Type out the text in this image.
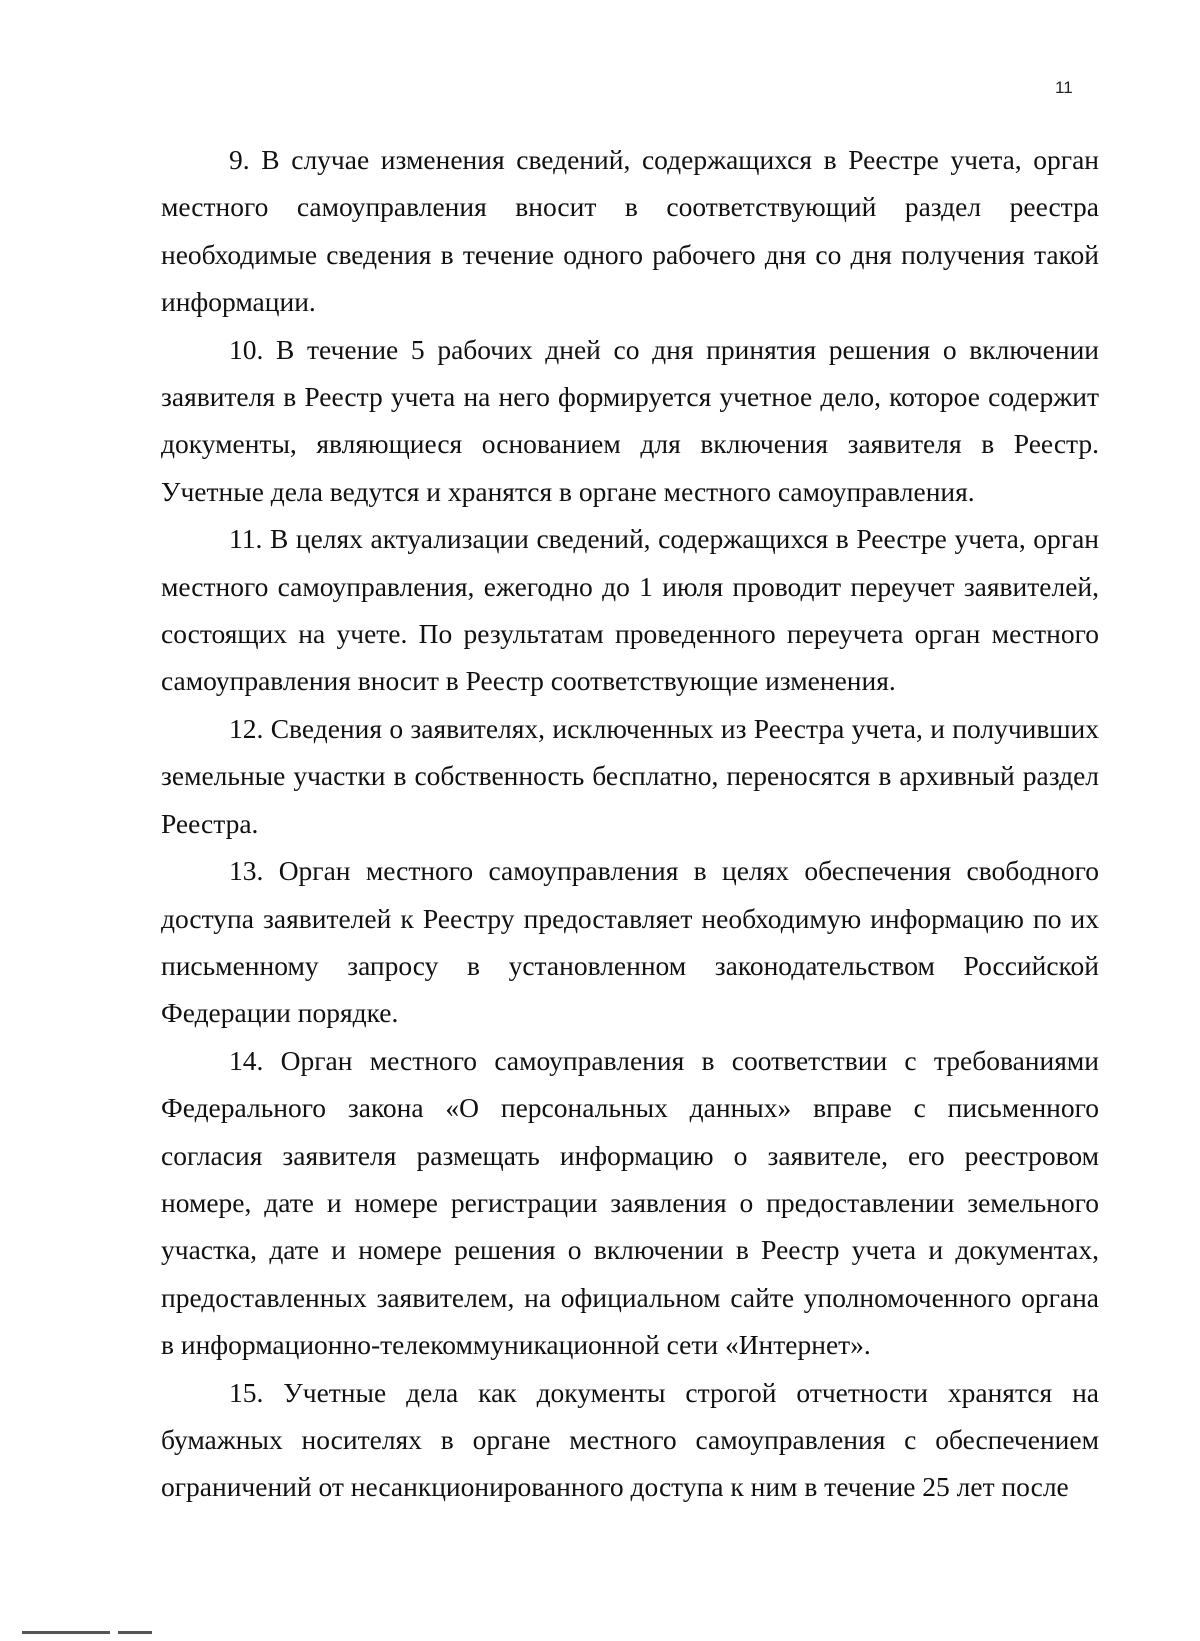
11

9. В случае изменения сведений, содержащихся в Реестре учета, орган местного самоуправления вносит в соответствующий раздел реестра необходимые сведения в течение одного рабочего дня со дня получения такой информации.

10. В течение 5 рабочих дней со дня принятия решения о включении заявителя в Реестр учета на него формируется учетное дело, которое содержит документы, являющиеся основанием для включения заявителя в Реестр. Учетные дела ведутся и хранятся в органе местного самоуправления.

11. В целях актуализации сведений, содержащихся в Реестре учета, орган местного самоуправления, ежегодно до 1 июля проводит переучет заявителей, состоящих на учете. По результатам проведенного переучета орган местного самоуправления вносит в Реестр соответствующие изменения.

12. Сведения о заявителях, исключенных из Реестра учета, и получивших земельные участки в собственность бесплатно, переносятся в архивный раздел Реестра.

13. Орган местного самоуправления в целях обеспечения свободного доступа заявителей к Реестру предоставляет необходимую информацию по их письменному запросу в установленном законодательством Российской Федерации порядке.

14. Орган местного самоуправления в соответствии с требованиями Федерального закона «О персональных данных» вправе с письменного согласия заявителя размещать информацию о заявителе, его реестровом номере, дате и номере регистрации заявления о предоставлении земельного участка, дате и номере решения о включении в Реестр учета и документах, предоставленных заявителем, на официальном сайте уполномоченного органа в информационно-телекоммуникационной сети «Интернет».

15. Учетные дела как документы строгой отчетности хранятся на бумажных носителях в органе местного самоуправления с обеспечением ограничений от несанкционированного доступа к ним в течение 25 лет после
